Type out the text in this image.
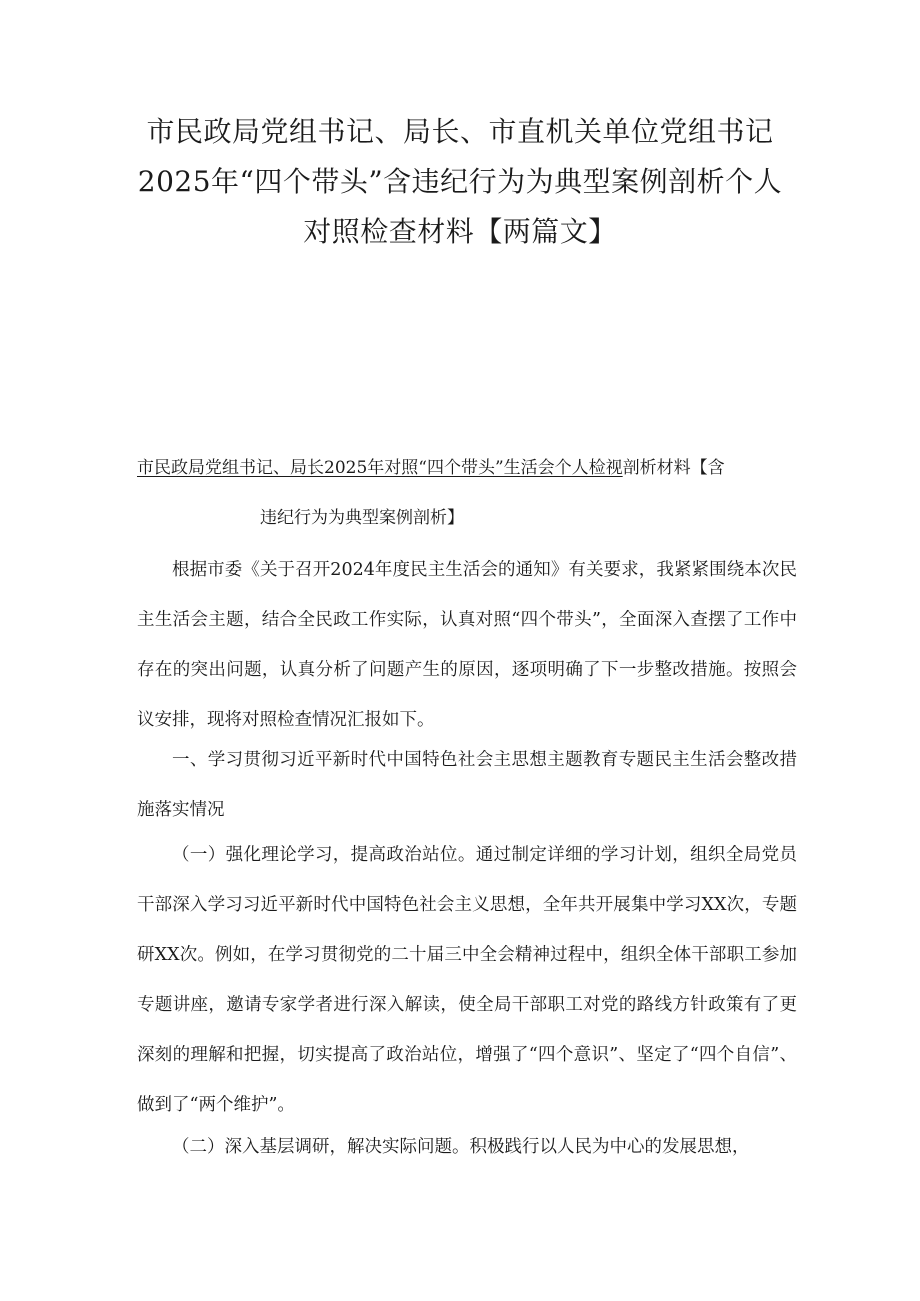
市民政局党组书记、局长、市直机关单位党组书记
2025年“四个带头”含违纪行为为典型案例剖析个人
对照检查材料【两篇文】
市民政局党组书记、局长2025年对照“四个带头”生活会个人检视剖析材料【含
违纪行为为典型案例剖析】
根据市委《关于召开2024年度民主生活会的通知》有关要求，我紧紧围绕本次民主生活会主题，结合全民政工作实际，认真对照“四个带头”，全面深入查摆了工作中存在的突出问题，认真分析了问题产生的原因，逐项明确了下一步整改措施。按照会议安排，现将对照检查情况汇报如下。
一、学习贯彻习近平新时代中国特色社会主思想主题教育专题民主生活会整改措施落实情况
（一）强化理论学习，提高政治站位。通过制定详细的学习计划，组织全局党员干部深入学习习近平新时代中国特色社会主义思想，全年共开展集中学习XX次，专题研XX次。例如，在学习贯彻党的二十届三中全会精神过程中，组织全体干部职工参加专题讲座，邀请专家学者进行深入解读，使全局干部职工对党的路线方针政策有了更深刻的理解和把握，切实提高了政治站位，增强了“四个意识”、坚定了“四个自信”、做到了“两个维护”。
（二）深入基层调研，解决实际问题。积极践行以人民为中心的发展思想，
